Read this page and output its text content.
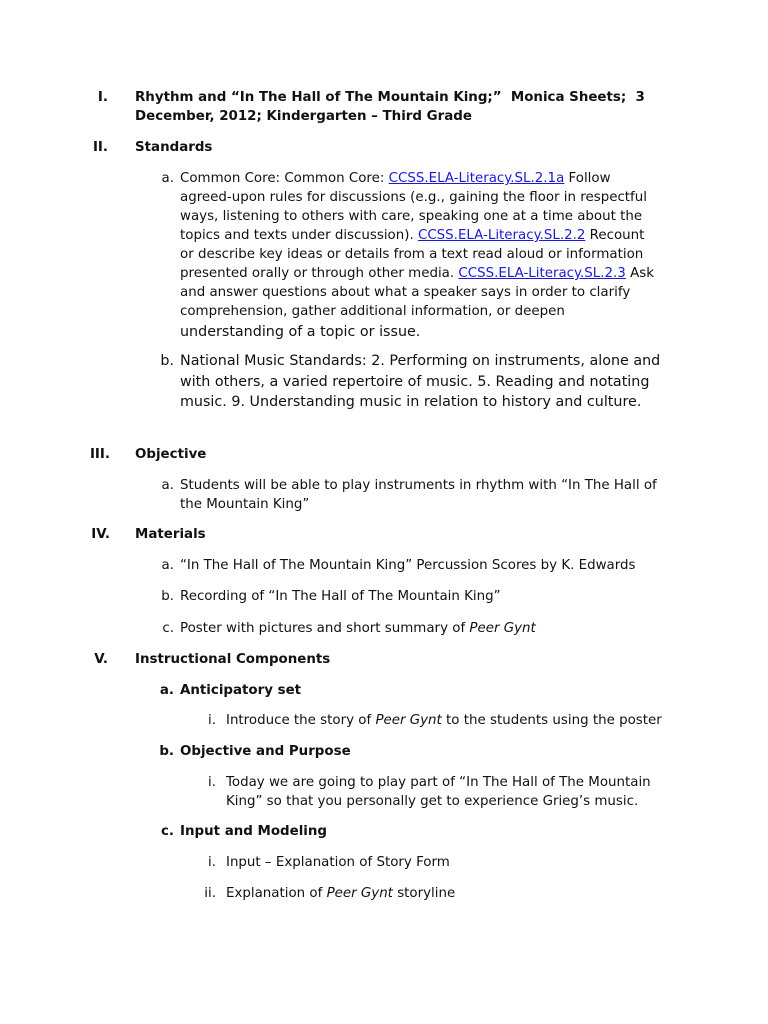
I. Rhythm and “In The Hall of The Mountain King;”  Monica Sheets;  3
December, 2012; Kindergarten – Third Grade
II. Standards
a. Common Core: Common Core: CCSS.ELA-Literacy.SL.2.1a Follow agreed-upon rules for discussions (e.g., gaining the floor in respectful ways, listening to others with care, speaking one at a time about the topics and texts under discussion). CCSS.ELA-Literacy.SL.2.2 Recount or describe key ideas or details from a text read aloud or information presented orally or through other media. CCSS.ELA-Literacy.SL.2.3 Ask and answer questions about what a speaker says in order to clarify comprehension, gather additional information, or deepen
understanding of a topic or issue.
b. National Music Standards: 2. Performing on instruments, alone and with others, a varied repertoire of music. 5. Reading and notating music. 9. Understanding music in relation to history and culture.
III. Objective
a. Students will be able to play instruments in rhythm with “In The Hall of the Mountain King”
IV. Materials
a. “In The Hall of The Mountain King” Percussion Scores by K. Edwards
b. Recording of “In The Hall of The Mountain King”
c. Poster with pictures and short summary of Peer Gynt
V. Instructional Components
a. Anticipatory set
i. Introduce the story of Peer Gynt to the students using the poster
b. Objective and Purpose
i. Today we are going to play part of “In The Hall of The Mountain King” so that you personally get to experience Grieg’s music.
c. Input and Modeling
i. Input – Explanation of Story Form
ii. Explanation of Peer Gynt storyline
